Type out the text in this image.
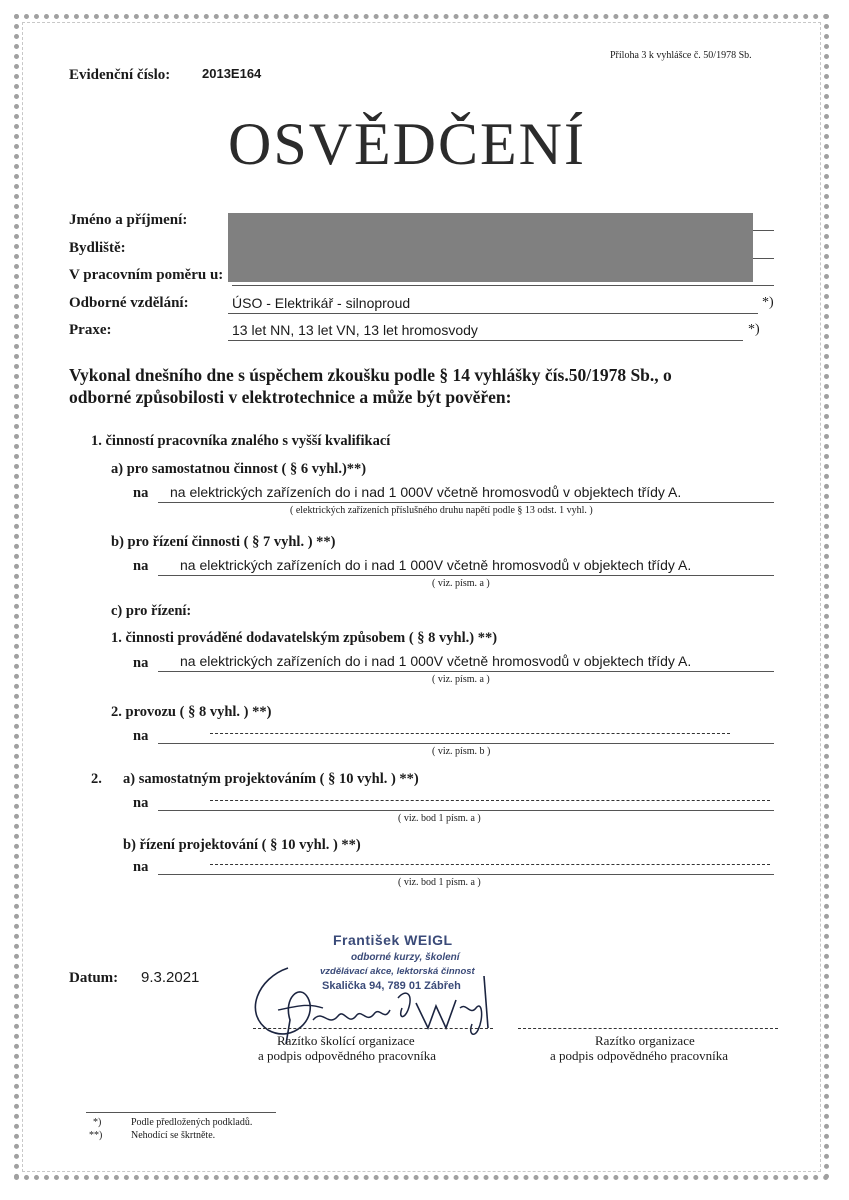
Příloha 3 k vyhlášce č. 50/1978 Sb.
Evidenční číslo: 2013E164
OSVĚDČENÍ
Jméno a příjmení:
Bydliště:
V pracovním poměru u:
Odborné vzdělání:	ÚSO - Elektrikář - silnoproud	*)
Praxe:	13 let NN, 13 let VN, 13 let hromosvody	*)
Vykonal dnešního dne s úspěchem zkoušku podle § 14 vyhlášky čís.50/1978 Sb., o
odborné způsobilosti v elektrotechnice a může být pověřen:
1. činností pracovníka znalého s vyšší kvalifikací
a) pro samostatnou činnost ( § 6 vyhl.)**)
na na elektrických zařízeních do i nad 1 000V včetně hromosvodů v objektech třídy A.
( elektrických zařízeních příslušného druhu napětí podle § 13 odst. 1 vyhl. )
b) pro řízení činnosti ( § 7 vyhl. ) **)
na na elektrických zařízeních do i nad 1 000V včetně hromosvodů v objektech třídy A.
( viz. písm. a )
c) pro řízení:
1. činnosti prováděné dodavatelským způsobem ( § 8 vyhl.) **)
na na elektrických zařízeních do i nad 1 000V včetně hromosvodů v objektech třídy A.
( viz. písm. a )
2. provozu ( § 8 vyhl. ) **)
na
( viz. písm. b )
2. a) samostatným projektováním ( § 10 vyhl. ) **)
na
( viz. bod 1 písm. a )
b) řízení projektování ( § 10 vyhl. ) **)
na
( viz. bod 1 písm. a )
František WEIGL
odborné kurzy, školení
vzdělávací akce, lektorská činnost
Skalička 94, 789 01 Zábřeh
Datum: 9.3.2021
Razítko školící organizace
a podpis odpovědného pracovníka
Razítko organizace
a podpis odpovědného pracovníka
*)	Podle předložených podkladů.
**)	Nehodící se škrtněte.
